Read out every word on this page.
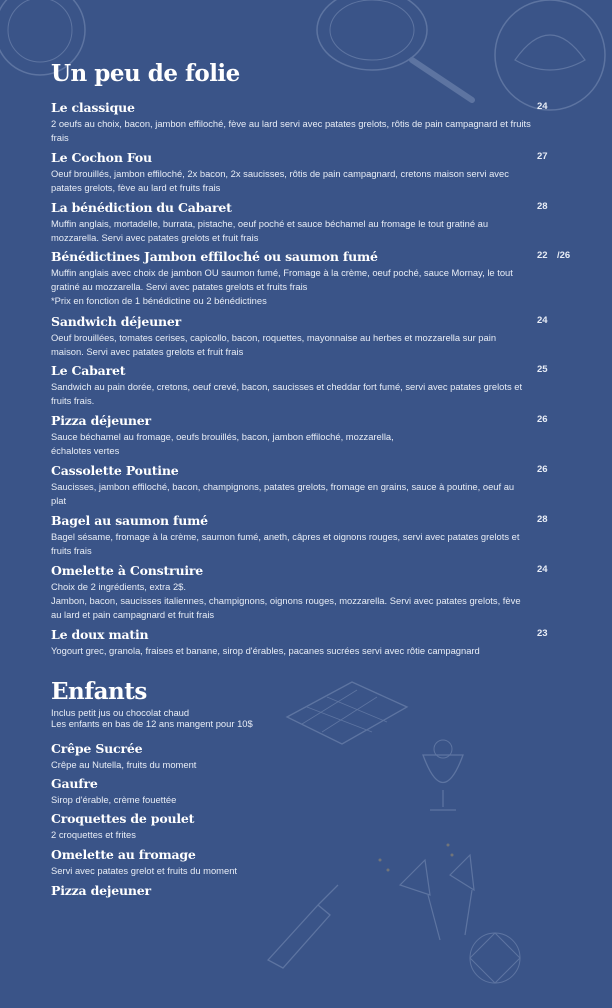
Un peu de folie
Le classique
2 oeufs au choix, bacon, jambon effiloché, fève au lard servi avec patates grelots, rôtis de pain campagnard et fruits frais
24
Le Cochon Fou
Oeuf brouillés, jambon effiloché, 2x bacon, 2x saucisses, rôtis de pain campagnard, cretons maison servi avec patates grelots, fève au lard et fruits frais
27
La bénédiction du Cabaret
Muffin anglais, mortadelle, burrata, pistache, oeuf poché et sauce béchamel au fromage le tout gratiné au mozzarella. Servi avec patates grelots et fruit frais
28
Bénédictines Jambon effiloché ou saumon fumé
Muffin anglais avec choix de jambon OU saumon fumé, Fromage à la crème, oeuf poché, sauce Mornay, le tout gratiné au mozzarella. Servi avec patates grelots et fruits frais
*Prix en fonction de 1 bénédictine ou 2 bénédictines
22 /26
Sandwich déjeuner
Oeuf brouillées, tomates cerises, capicollo, bacon, roquettes, mayonnaise au herbes et mozzarella sur pain maison. Servi avec patates grelots et fruit frais
24
Le Cabaret
Sandwich au pain dorée, cretons, oeuf crevé, bacon, saucisses et cheddar fort fumé, servi avec patates grelots et fruits frais.
25
Pizza déjeuner
Sauce béchamel au fromage, oeufs brouillés, bacon, jambon effiloché, mozzarella, échalotes vertes
26
Cassolette Poutine
Saucisses, jambon effiloché, bacon, champignons, patates grelots, fromage en grains, sauce à poutine, oeuf au plat
26
Bagel au saumon fumé
Bagel sésame, fromage à la crème, saumon fumé, aneth, câpres et oignons rouges, servi avec patates grelots et fruits frais
28
Omelette à Construire
Choix de 2 ingrédients, extra 2$.
Jambon, bacon, saucisses italiennes, champignons, oignons rouges, mozzarella. Servi avec patates grelots, fève au lard et pain campagnard et fruit frais
24
Le doux matin
Yogourt grec, granola, fraises et banane, sirop d'érables, pacanes sucrées servi avec rôtie campagnard
23
Enfants
Inclus petit jus ou chocolat chaud
Les enfants en bas de 12 ans mangent pour 10$
Crêpe Sucrée
Crêpe au Nutella, fruits du moment
Gaufre
Sirop d'érable, crème fouettée
Croquettes de poulet
2 croquettes et frites
Omelette au fromage
Servi avec patates grelot et fruits du moment
Pizza dejeuner
